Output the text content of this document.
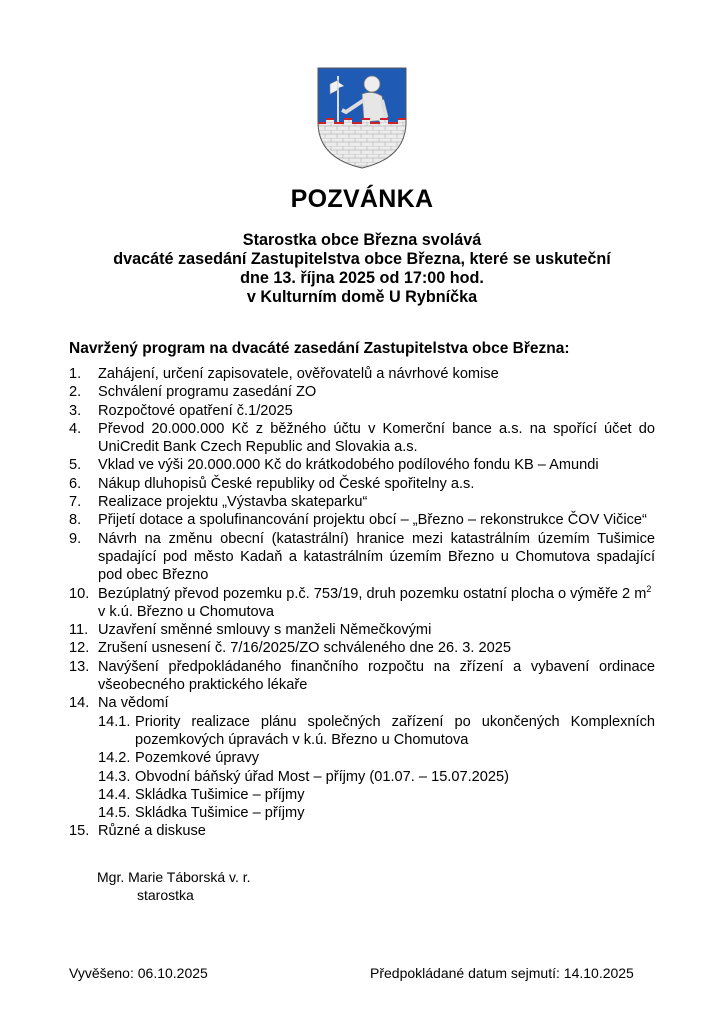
POZVÁNKA
Starostka obce Března svolává
dvacáté zasedání Zastupitelstva obce Března, které se uskuteční
dne 13. října 2025 od 17:00 hod.
v Kulturním domě U Rybníčka
Navržený program na dvacáté zasedání Zastupitelstva obce Března:
1.	Zahájení, určení zapisovatele, ověřovatelů a návrhové komise
2.	Schválení programu zasedání ZO
3.	Rozpočtové opatření č.1/2025
4.	Převod 20.000.000 Kč z běžného účtu v Komerční bance a.s. na spořící účet do UniCredit Bank Czech Republic and Slovakia a.s.
5.	Vklad ve výši 20.000.000 Kč do krátkodobého podílového fondu KB – Amundi
6.	Nákup dluhopisů České republiky od České spořitelny a.s.
7.	Realizace projektu „Výstavba skateparku“
8.	Přijetí dotace a spolufinancování projektu obcí – „Březno – rekonstrukce ČOV Vičice“
9.	Návrh na změnu obecní (katastrální) hranice mezi katastrálním územím Tušimice spadající pod město Kadaň a katastrálním územím Březno u Chomutova spadající pod obec Březno
10. Bezúplatný převod pozemku p.č. 753/19, druh pozemku ostatní plocha o výměře 2 $m^2$ v k.ú. Březno u Chomutova
11. Uzavření směnné smlouvy s manželi Němečkovými
12. Zrušení usnesení č. 7/16/2025/ZO schváleného dne 26. 3. 2025
13. Navýšení předpokládaného finančního rozpočtu na zřízení a vybavení ordinace všeobecného praktického lékaře
14. Na vědomí
14.1. Priority realizace plánu společných zařízení po ukončených Komplexních pozemkových úpravách v k.ú. Březno u Chomutova
14.2. Pozemkové úpravy
14.3. Obvodní báňský úřad Most – příjmy (01.07. – 15.07.2025)
14.4. Skládka Tušimice – příjmy
14.5. Skládka Tušimice – příjmy
15. Různé a diskuse
Mgr. Marie Táborská v. r.
starostka
Vyvěšeno: 06.10.2025	Předpokládané datum sejmutí: 14.10.2025
